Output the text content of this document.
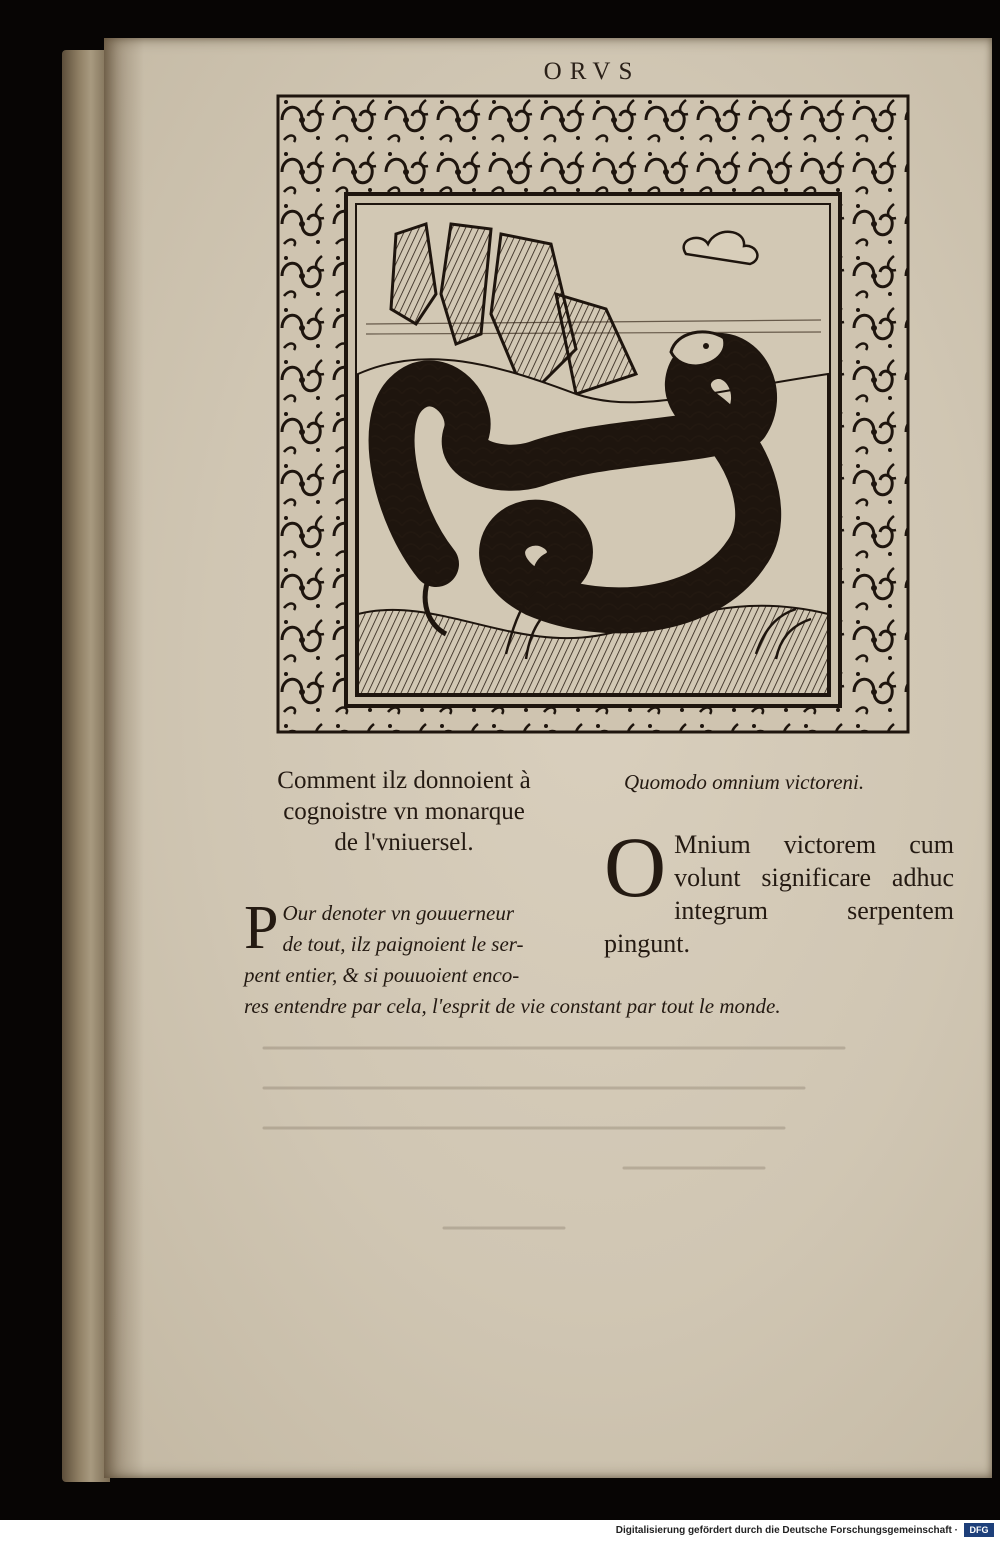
ORVS
Comment ilz donnoient à
cognoistre vn monarque
de l'vniuersel.
Quomodo omnium victoreni.
O Mnium victorem cum volunt significare adhuc integrum serpentem pingunt.
P Our denoter vn gouuerneur
de tout, ilz paignoient le ser-
pent entier, & si pouuoient enco-
res entendre par cela, l'esprit de vie constant par tout le monde.
Digitalisierung gefördert durch die Deutsche Forschungsgemeinschaft ·	DFG
